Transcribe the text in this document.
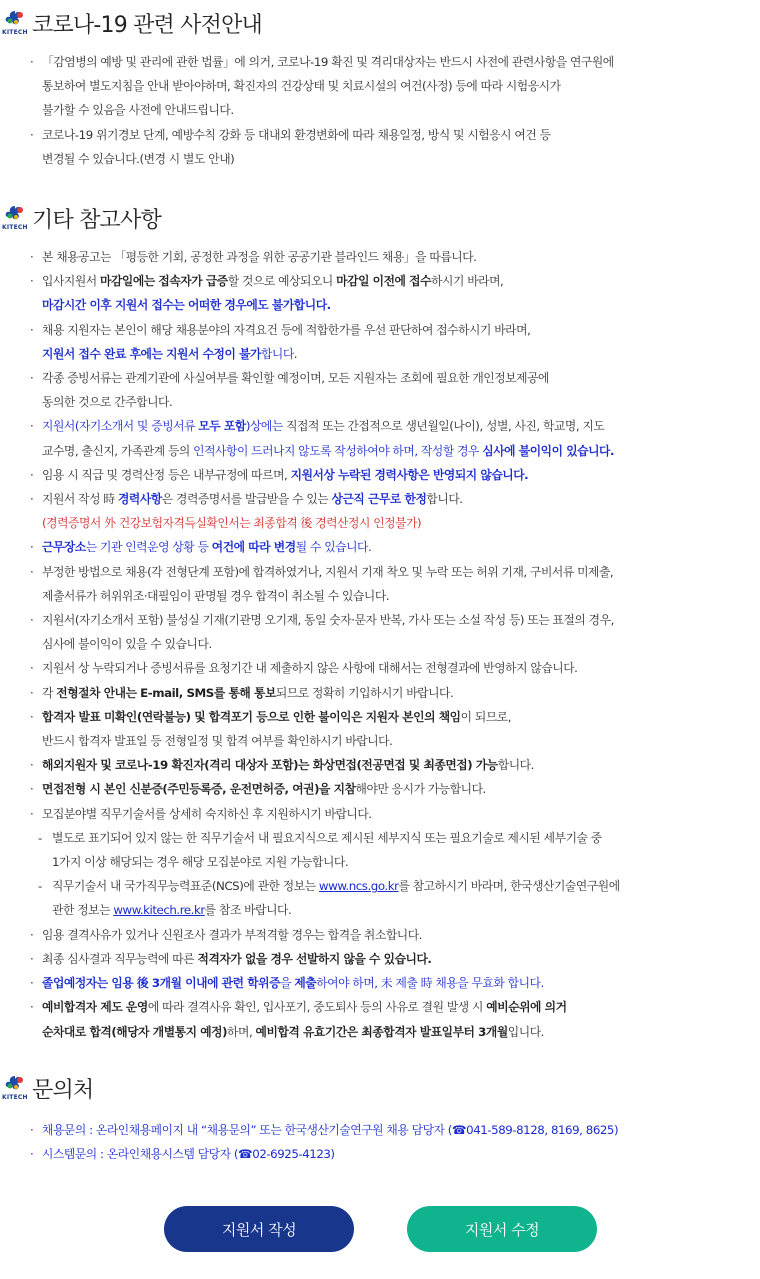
KITECH 코로나-19 관련 사전안내
· 「감염병의 예방 및 관리에 관한 법률」에 의거, 코로나-19 확진 및 격리대상자는 반드시 사전에 관련사항을 연구원에
통보하여 별도지침을 안내 받아야하며, 확진자의 건강상태 및 치료시설의 여건(사정) 등에 따라 시험응시가
불가할 수 있음을 사전에 안내드립니다.
· 코로나-19 위기경보 단계, 예방수칙 강화 등 대내외 환경변화에 따라 채용일정, 방식 및 시험응시 여건 등
변경될 수 있습니다.(변경 시 별도 안내)
KITECH 기타 참고사항
· 본 채용공고는 「평등한 기회, 공정한 과정을 위한 공공기관 블라인드 채용」을 따릅니다.
· 입사지원서 마감일에는 접속자가 급증할 것으로 예상되오니 마감일 이전에 접수하시기 바라며,
마감시간 이후 지원서 접수는 어떠한 경우에도 불가합니다.
· 채용 지원자는 본인이 해당 채용분야의 자격요건 등에 적합한가를 우선 판단하여 접수하시기 바라며,
지원서 접수 완료 후에는 지원서 수정이 불가합니다.
· 각종 증빙서류는 관계기관에 사실여부를 확인할 예정이며, 모든 지원자는 조회에 필요한 개인정보제공에
동의한 것으로 간주합니다.
· 지원서(자기소개서 및 증빙서류 모두 포함)상에는 직접적 또는 간접적으로 생년월일(나이), 성별, 사진, 학교명, 지도
교수명, 출신지, 가족관계 등의 인적사항이 드러나지 않도록 작성하여야 하며, 작성할 경우 심사에 불이익이 있습니다.
· 임용 시 직급 및 경력산정 등은 내부규정에 따르며, 지원서상 누락된 경력사항은 반영되지 않습니다.
· 지원서 작성 時 경력사항은 경력증명서를 발급받을 수 있는 상근직 근무로 한정합니다.
(경력증명서 外 건강보험자격득실확인서는 최종합격 後 경력산정시 인정불가)
· 근무장소는 기관 인력운영 상황 등 여건에 따라 변경될 수 있습니다.
· 부정한 방법으로 채용(각 전형단계 포함)에 합격하였거나, 지원서 기재 착오 및 누락 또는 허위 기재, 구비서류 미제출,
제출서류가 허위위조·대필임이 판명될 경우 합격이 취소될 수 있습니다.
· 지원서(자기소개서 포함) 불성실 기재(기관명 오기재, 동일 숫자·문자 반복, 가사 또는 소설 작성 등) 또는 표절의 경우,
심사에 불이익이 있을 수 있습니다.
· 지원서 상 누락되거나 증빙서류를 요청기간 내 제출하지 않은 사항에 대해서는 전형결과에 반영하지 않습니다.
· 각 전형절차 안내는 E-mail, SMS를 통해 통보되므로 정확히 기입하시기 바랍니다.
· 합격자 발표 미확인(연락불능) 및 합격포기 등으로 인한 불이익은 지원자 본인의 책임이 되므로,
반드시 합격자 발표일 등 전형일정 및 합격 여부를 확인하시기 바랍니다.
· 해외지원자 및 코로나-19 확진자(격리 대상자 포함)는 화상면접(전공면접 및 최종면접) 가능합니다.
· 면접전형 시 본인 신분증(주민등록증, 운전면허증, 여권)을 지참해야만 응시가 가능합니다.
· 모집분야별 직무기술서를 상세히 숙지하신 후 지원하시기 바랍니다.
- 별도로 표기되어 있지 않는 한 직무기술서 내 필요지식으로 제시된 세부지식 또는 필요기술로 제시된 세부기술 중
1가지 이상 해당되는 경우 해당 모집분야로 지원 가능합니다.
- 직무기술서 내 국가직무능력표준(NCS)에 관한 정보는 www.ncs.go.kr를 참고하시기 바라며, 한국생산기술연구원에
관한 정보는 www.kitech.re.kr를 참조 바랍니다.
· 임용 결격사유가 있거나 신원조사 결과가 부적격할 경우는 합격을 취소합니다.
· 최종 심사결과 직무능력에 따른 적격자가 없을 경우 선발하지 않을 수 있습니다.
· 졸업예정자는 임용 後 3개월 이내에 관련 학위증을 제출하여야 하며, 未 제출 時 채용을 무효화 합니다.
· 예비합격자 제도 운영에 따라 결격사유 확인, 입사포기, 중도퇴사 등의 사유로 결원 발생 시 예비순위에 의거
순차대로 합격(해당자 개별통지 예정)하며, 예비합격 유효기간은 최종합격자 발표일부터 3개월입니다.
KITECH 문의처
· 채용문의 : 온라인채용페이지 내 “채용문의” 또는 한국생산기술연구원 채용 담당자 (☎041-589-8128, 8169, 8625)
· 시스템문의 : 온라인채용시스템 담당자 (☎02-6925-4123)
지원서 작성	지원서 수정
